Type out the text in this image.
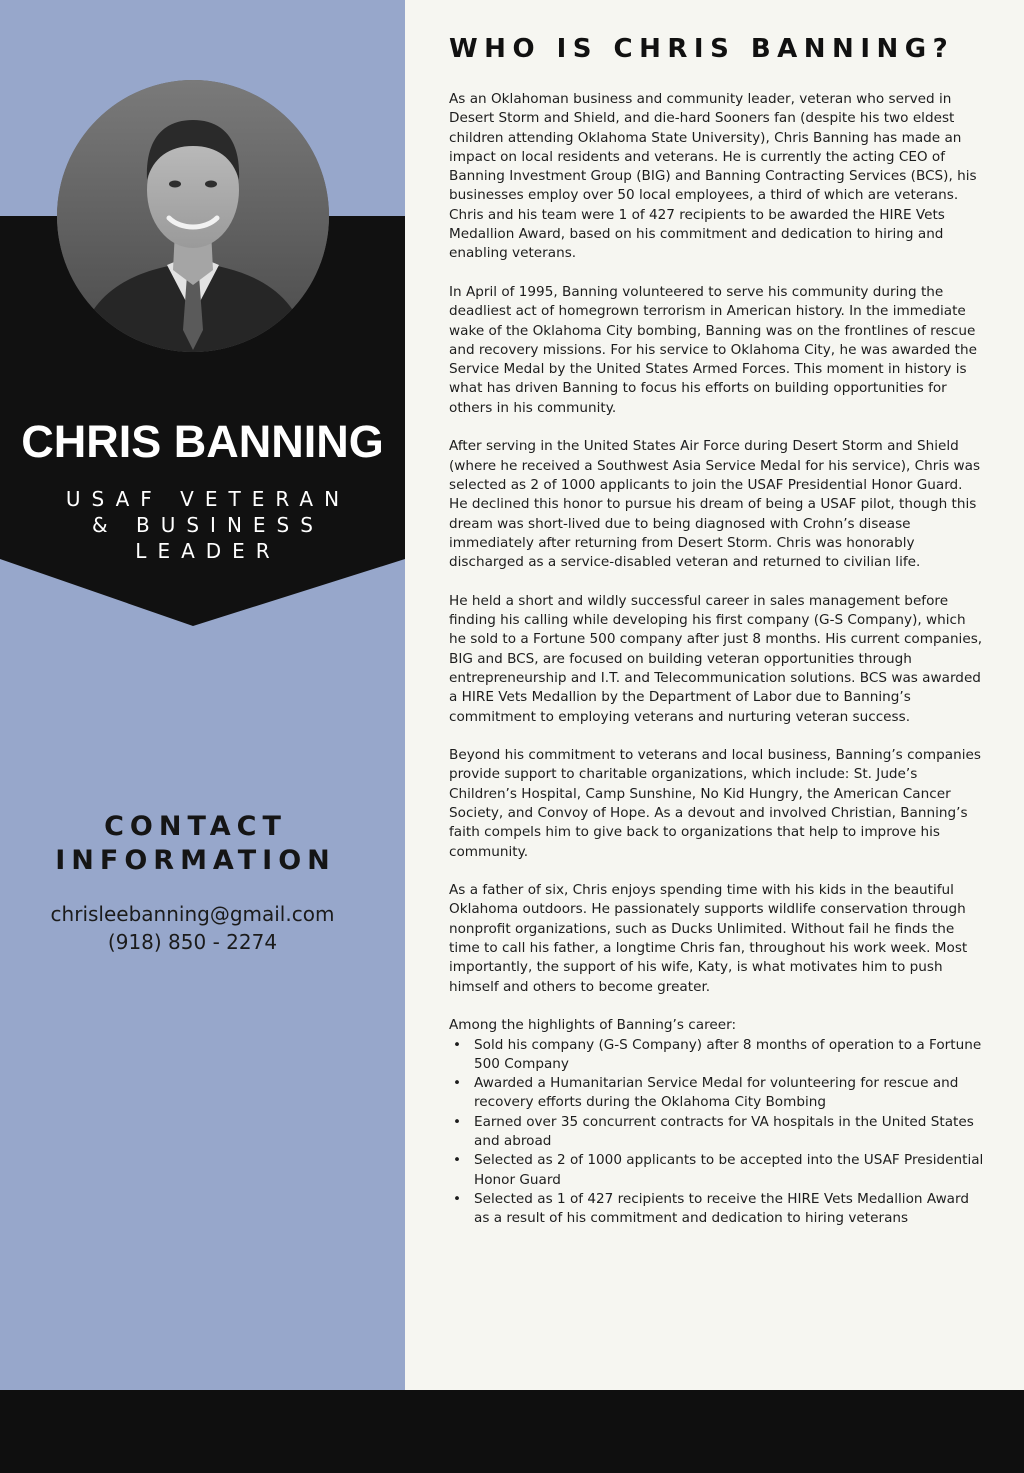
CHRIS BANNING
USAF VETERAN
& BUSINESS
LEADER
CONTACT
INFORMATION
chrisleebanning@gmail.com
(918) 850 - 2274
WHO IS CHRIS BANNING?

As an Oklahoman business and community leader, veteran who served in Desert Storm and Shield, and die-hard Sooners fan (despite his two eldest children attending Oklahoma State University), Chris Banning has made an impact on local residents and veterans. He is currently the acting CEO of Banning Investment Group (BIG) and Banning Contracting Services (BCS), his businesses employ over 50 local employees, a third of which are veterans. Chris and his team were 1 of 427 recipients to be awarded the HIRE Vets Medallion Award, based on his commitment and dedication to hiring and enabling veterans.

In April of 1995, Banning volunteered to serve his community during the deadliest act of homegrown terrorism in American history. In the immediate wake of the Oklahoma City bombing, Banning was on the frontlines of rescue and recovery missions. For his service to Oklahoma City, he was awarded the Service Medal by the United States Armed Forces. This moment in history is what has driven Banning to focus his efforts on building opportunities for others in his community.

After serving in the United States Air Force during Desert Storm and Shield (where he received a Southwest Asia Service Medal for his service), Chris was selected as 2 of 1000 applicants to join the USAF Presidential Honor Guard. He declined this honor to pursue his dream of being a USAF pilot, though this dream was short-lived due to being diagnosed with Crohn’s disease immediately after returning from Desert Storm. Chris was honorably discharged as a service-disabled veteran and returned to civilian life.

He held a short and wildly successful career in sales management before finding his calling while developing his first company (G-S Company), which he sold to a Fortune 500 company after just 8 months. His current companies, BIG and BCS, are focused on building veteran opportunities through entrepreneurship and I.T. and Telecommunication solutions. BCS was awarded a HIRE Vets Medallion by the Department of Labor due to Banning’s commitment to employing veterans and nurturing veteran success.

Beyond his commitment to veterans and local business, Banning’s companies provide support to charitable organizations, which include: St. Jude’s Children’s Hospital, Camp Sunshine, No Kid Hungry, the American Cancer Society, and Convoy of Hope. As a devout and involved Christian, Banning’s faith compels him to give back to organizations that help to improve his community.

As a father of six, Chris enjoys spending time with his kids in the beautiful Oklahoma outdoors. He passionately supports wildlife conservation through nonprofit organizations, such as Ducks Unlimited. Without fail he finds the time to call his father, a longtime Chris fan, throughout his work week. Most importantly, the support of his wife, Katy, is what motivates him to push himself and others to become greater.

Among the highlights of Banning’s career:

• Sold his company (G-S Company) after 8 months of operation to a Fortune 500 Company
• Awarded a Humanitarian Service Medal for volunteering for rescue and recovery efforts during the Oklahoma City Bombing
• Earned over 35 concurrent contracts for VA hospitals in the United States and abroad
• Selected as 2 of 1000 applicants to be accepted into the USAF Presidential Honor Guard
• Selected as 1 of 427 recipients to receive the HIRE Vets Medallion Award as a result of his commitment and dedication to hiring veterans
